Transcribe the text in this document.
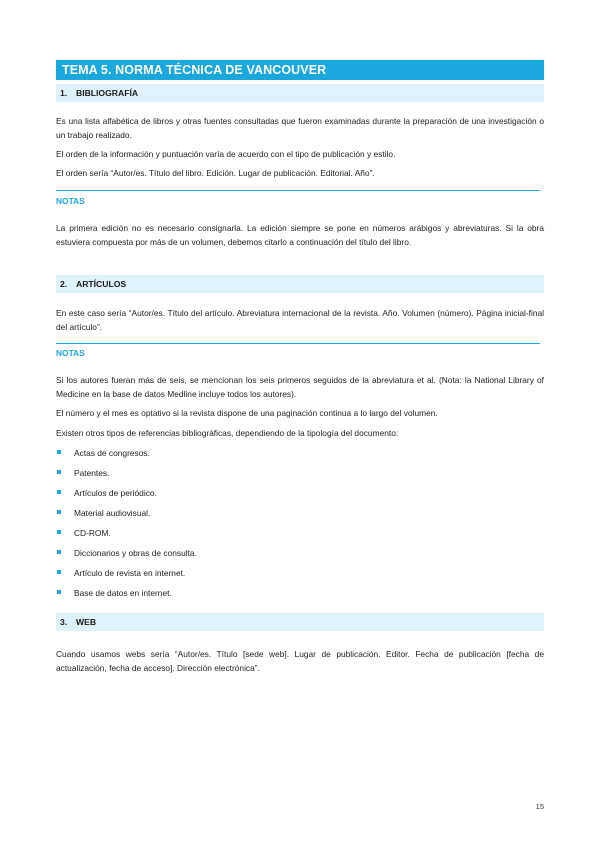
TEMA 5. NORMA TÉCNICA DE VANCOUVER
1. BIBLIOGRAFÍA
Es una lista alfabética de libros y otras fuentes consultadas que fueron examinadas durante la preparación de una investigación o un trabajo realizado.
El orden de la información y puntuación varía de acuerdo con el tipo de publicación y estilo.
El orden sería “Autor/es. Título del libro. Edición. Lugar de publicación. Editorial. Año”.
NOTAS
La primera edición no es necesario consignarla. La edición siempre se pone en números arábigos y abreviaturas. Si la obra estuviera compuesta por más de un volumen, debemos citarlo a continuación del título del libro.
2. ARTÍCULOS
En este caso sería “Autor/es. Título del artículo. Abreviatura internacional de la revista. Año. Volumen (número). Página inicial-final del artículo”.
NOTAS
Si los autores fueran más de seis, se mencionan los seis primeros seguidos de la abreviatura et al. (Nota: la National Library of Medicine en la base de datos Medline incluye todos los autores).
El número y el mes es optativo si la revista dispone de una paginación continua a lo largo del volumen.
Existen otros tipos de referencias bibliográficas, dependiendo de la tipología del documento:
Actas de congresos.
Patentes.
Artículos de periódico.
Material audiovisual.
CD-ROM.
Diccionarios y obras de consulta.
Artículo de revista en internet.
Base de datos en internet.
3. WEB
Cuando usamos webs sería “Autor/es. Título [sede web]. Lugar de publicación. Editor. Fecha de publicación [fecha de actualización, fecha de acceso]. Dirección electrónica”.
15
